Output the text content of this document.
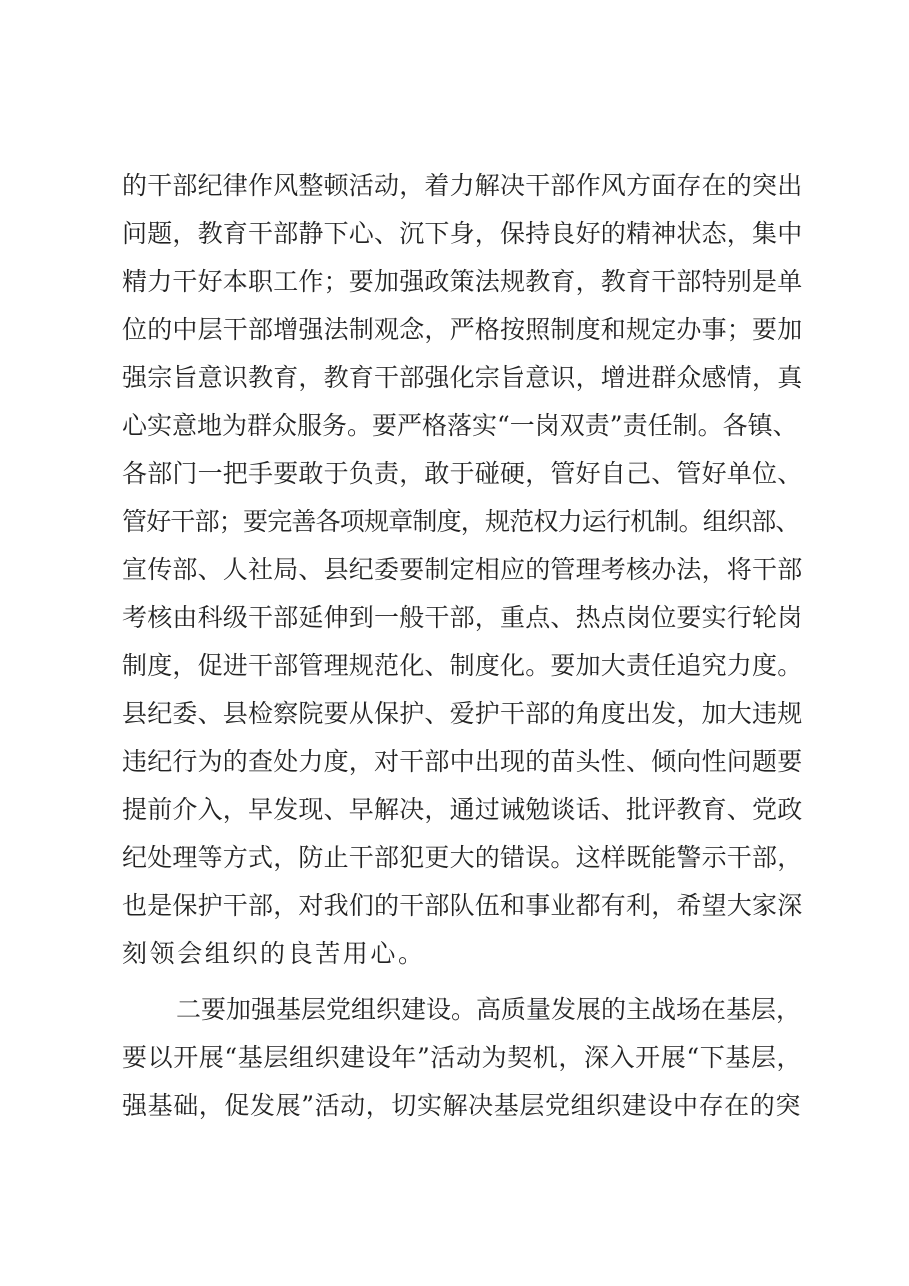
的干部纪律作风整顿活动，着力解决干部作风方面存在的突出
问题，教育干部静下心、沉下身，保持良好的精神状态，集中
精力干好本职工作；要加强政策法规教育，教育干部特别是单
位的中层干部增强法制观念，严格按照制度和规定办事；要加
强宗旨意识教育，教育干部强化宗旨意识，增进群众感情，真
心实意地为群众服务。要严格落实“一岗双责”责任制。各镇、
各部门一把手要敢于负责，敢于碰硬，管好自己、管好单位、
管好干部；要完善各项规章制度，规范权力运行机制。组织部、
宣传部、人社局、县纪委要制定相应的管理考核办法，将干部
考核由科级干部延伸到一般干部，重点、热点岗位要实行轮岗
制度，促进干部管理规范化、制度化。要加大责任追究力度。
县纪委、县检察院要从保护、爱护干部的角度出发，加大违规
违纪行为的查处力度，对干部中出现的苗头性、倾向性问题要
提前介入，早发现、早解决，通过诫勉谈话、批评教育、党政
纪处理等方式，防止干部犯更大的错误。这样既能警示干部，
也是保护干部，对我们的干部队伍和事业都有利，希望大家深
刻领会组织的良苦用心。
二要加强基层党组织建设。高质量发展的主战场在基层，
要以开展“基层组织建设年”活动为契机，深入开展“下基层，
强基础，促发展”活动，切实解决基层党组织建设中存在的突
